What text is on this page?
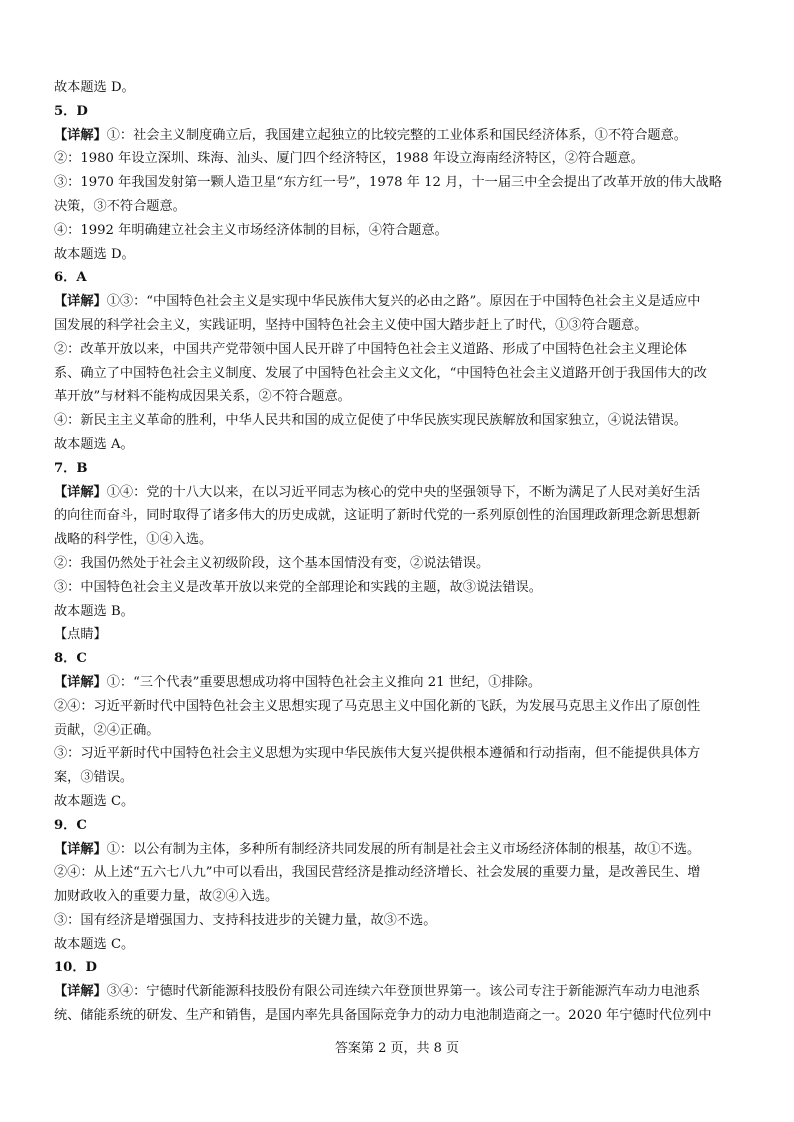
故本题选 D。
5．D
【详解】①：社会主义制度确立后，我国建立起独立的比较完整的工业体系和国民经济体系，①不符合题意。
②：1980 年设立深圳、珠海、汕头、厦门四个经济特区，1988 年设立海南经济特区，②符合题意。
③：1970 年我国发射第一颗人造卫星“东方红一号”，1978 年 12 月，十一届三中全会提出了改革开放的伟大战略
决策，③不符合题意。
④：1992 年明确建立社会主义市场经济体制的目标，④符合题意。
故本题选 D。
6．A
【详解】①③：“中国特色社会主义是实现中华民族伟大复兴的必由之路”。原因在于中国特色社会主义是适应中
国发展的科学社会主义，实践证明，坚持中国特色社会主义使中国大踏步赶上了时代，①③符合题意。
②：改革开放以来，中国共产党带领中国人民开辟了中国特色社会主义道路、形成了中国特色社会主义理论体
系、确立了中国特色社会主义制度、发展了中国特色社会主义文化，“中国特色社会主义道路开创于我国伟大的改
革开放”与材料不能构成因果关系，②不符合题意。
④：新民主主义革命的胜利，中华人民共和国的成立促使了中华民族实现民族解放和国家独立，④说法错误。
故本题选 A。
7．B
【详解】①④：党的十八大以来，在以习近平同志为核心的党中央的坚强领导下，不断为满足了人民对美好生活
的向往而奋斗，同时取得了诸多伟大的历史成就，这证明了新时代党的一系列原创性的治国理政新理念新思想新
战略的科学性，①④入选。
②：我国仍然处于社会主义初级阶段，这个基本国情没有变，②说法错误。
③：中国特色社会主义是改革开放以来党的全部理论和实践的主题，故③说法错误。
故本题选 B。
【点睛】
8．C
【详解】①：“三个代表”重要思想成功将中国特色社会主义推向 21 世纪，①排除。
②④：习近平新时代中国特色社会主义思想实现了马克思主义中国化新的飞跃，为发展马克思主义作出了原创性
贡献，②④正确。
③：习近平新时代中国特色社会主义思想为实现中华民族伟大复兴提供根本遵循和行动指南，但不能提供具体方
案，③错误。
故本题选 C。
9．C
【详解】①：以公有制为主体，多种所有制经济共同发展的所有制是社会主义市场经济体制的根基，故①不选。
②④：从上述“五六七八九”中可以看出，我国民营经济是推动经济增长、社会发展的重要力量，是改善民生、增
加财政收入的重要力量，故②④入选。
③：国有经济是增强国力、支持科技进步的关键力量，故③不选。
故本题选 C。
10．D
【详解】③④：宁德时代新能源科技股份有限公司连续六年登顶世界第一。该公司专注于新能源汽车动力电池系
统、储能系统的研发、生产和销售，是国内率先具备国际竞争力的动力电池制造商之一。2020 年宁德时代位列中
答案第 2 页，共 8 页
